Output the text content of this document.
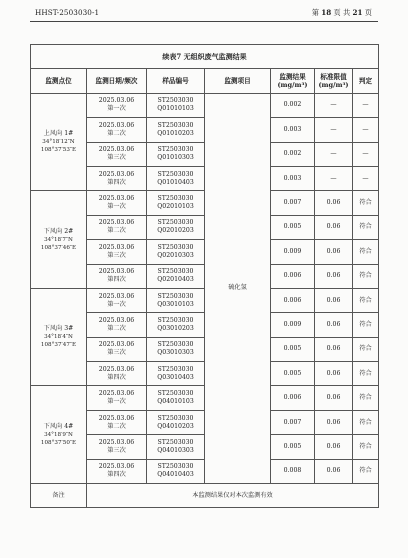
HHST-2503030-1	第 18 页 共 21 页
续表7 无组织废气监测结果						
监测点位	监测日期/频次	样品编号	监测项目	监测结果
(mg/m³)	标准限值
(mg/m³)	判定

上风向 1#
34°18′12″N
108°37′53″E	2025.03.06
第一次	ST2503030
Q01010103	硫化氢	0.002	—	—

	2025.03.06
第二次	ST2503030
Q01010203		0.003	—	—

	2025.03.06
第三次	ST2503030
Q01010303		0.002	—	—

	2025.03.06
第四次	ST2503030
Q01010403		0.003	—	—

下风向 2#
34°18′7″N
108°37′46″E	2025.03.06
第一次	ST2503030
Q02010103		0.007	0.06	符合

	2025.03.06
第二次	ST2503030
Q02010203		0.005	0.06	符合

	2025.03.06
第三次	ST2503030
Q02010303		0.009	0.06	符合

	2025.03.06
第四次	ST2503030
Q02010403		0.006	0.06	符合

下风向 3#
34°18′4″N
108°37′47″E	2025.03.06
第一次	ST2503030
Q03010103		0.006	0.06	符合

	2025.03.06
第二次	ST2503030
Q03010203		0.009	0.06	符合

	2025.03.06
第三次	ST2503030
Q03010303		0.005	0.06	符合

	2025.03.06
第四次	ST2503030
Q03010403		0.005	0.06	符合

下风向 4#
34°18′9″N
108°37′50″E	2025.03.06
第一次	ST2503030
Q04010103		0.006	0.06	符合

	2025.03.06
第二次	ST2503030
Q04010203		0.007	0.06	符合

	2025.03.06
第三次	ST2503030
Q04010303		0.005	0.06	符合

	2025.03.06
第四次	ST2503030
Q04010403		0.008	0.06	符合
备注	本监测结果仅对本次监测有效					
